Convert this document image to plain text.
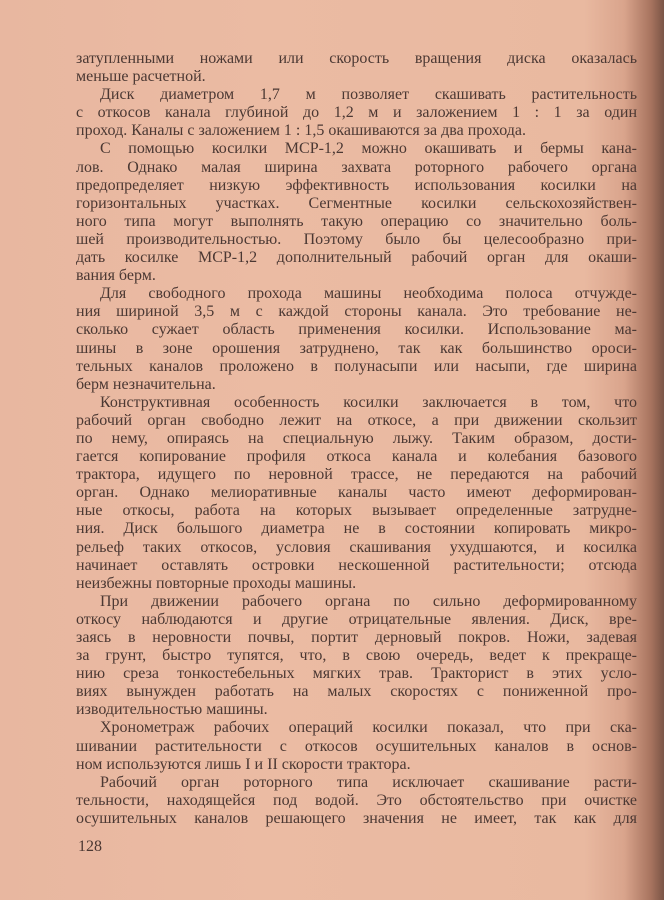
затупленными ножами или скорость вращения диска оказалась
меньше расчетной.
Диск диаметром 1,7 м позволяет скашивать растительность
с откосов канала глубиной до 1,2 м и заложением 1 : 1 за один
проход. Каналы с заложением 1 : 1,5 окашиваются за два прохода.
С помощью косилки МСР-1,2 можно окашивать и бермы кана-
лов. Однако малая ширина захвата роторного рабочего органа
предопределяет низкую эффективность использования косилки на
горизонтальных участках. Сегментные косилки сельскохозяйствен-
ного типа могут выполнять такую операцию со значительно боль-
шей производительностью. Поэтому было бы целесообразно при-
дать косилке МСР-1,2 дополнительный рабочий орган для окаши-
вания берм.
Для свободного прохода машины необходима полоса отчужде-
ния шириной 3,5 м с каждой стороны канала. Это требование не-
сколько сужает область применения косилки. Использование ма-
шины в зоне орошения затруднено, так как большинство ороси-
тельных каналов проложено в полунасыпи или насыпи, где ширина
берм незначительна.
Конструктивная особенность косилки заключается в том, что
рабочий орган свободно лежит на откосе, а при движении скользит
по нему, опираясь на специальную лыжу. Таким образом, дости-
гается копирование профиля откоса канала и колебания базового
трактора, идущего по неровной трассе, не передаются на рабочий
орган. Однако мелиоративные каналы часто имеют деформирован-
ные откосы, работа на которых вызывает определенные затрудне-
ния. Диск большого диаметра не в состоянии копировать микро-
рельеф таких откосов, условия скашивания ухудшаются, и косилка
начинает оставлять островки нескошенной растительности; отсюда
неизбежны повторные проходы машины.
При движении рабочего органа по сильно деформированному
откосу наблюдаются и другие отрицательные явления. Диск, вре-
заясь в неровности почвы, портит дерновый покров. Ножи, задевая
за грунт, быстро тупятся, что, в свою очередь, ведет к прекраще-
нию среза тонкостебельных мягких трав. Тракторист в этих усло-
виях вынужден работать на малых скоростях с пониженной про-
изводительностью машины.
Хронометраж рабочих операций косилки показал, что при ска-
шивании растительности с откосов осушительных каналов в основ-
ном используются лишь I и II скорости трактора.
Рабочий орган роторного типа исключает скашивание расти-
тельности, находящейся под водой. Это обстоятельство при очистке
осушительных каналов решающего значения не имеет, так как для
128
